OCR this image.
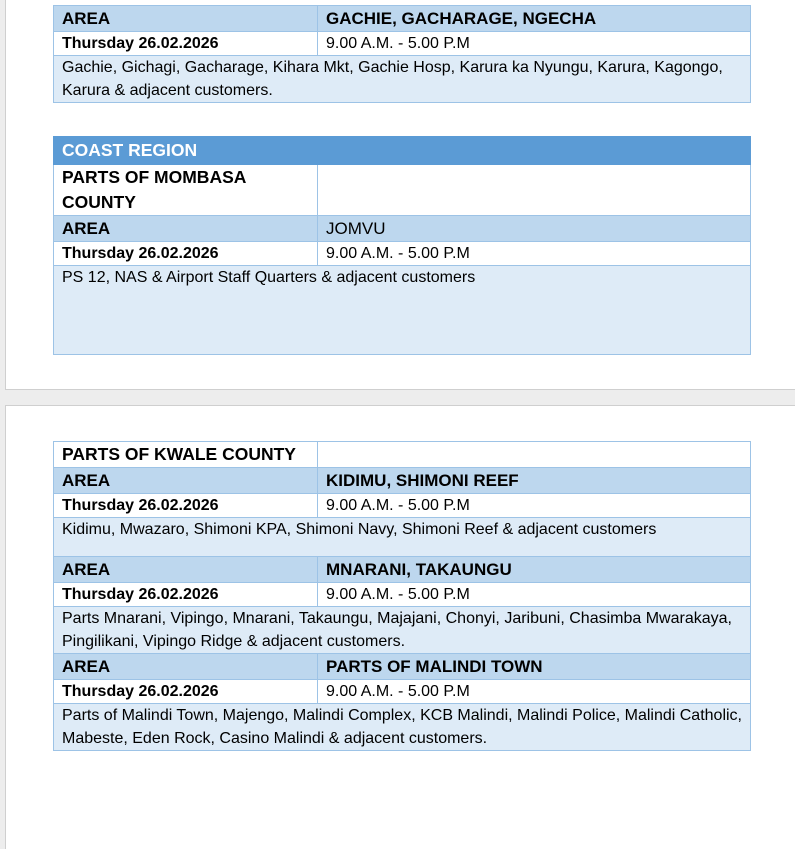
AREA	GACHIE, GACHARAGE, NGECHA
Thursday 26.02.2026	9.00 A.M. - 5.00 P.M
Gachie, Gichagi, Gacharage, Kihara Mkt, Gachie Hosp, Karura ka Nyungu, Karura, Kagongo, Karura & adjacent customers.	
COAST REGION	
PARTS OF MOMBASA COUNTY	
AREA	JOMVU
Thursday 26.02.2026	9.00 A.M. - 5.00 P.M
PS 12, NAS & Airport Staff Quarters & adjacent customers	
PARTS OF KWALE COUNTY	
AREA	KIDIMU, SHIMONI REEF
Thursday 26.02.2026	9.00 A.M. - 5.00 P.M
Kidimu, Mwazaro, Shimoni KPA, Shimoni Navy, Shimoni Reef & adjacent customers	
AREA	MNARANI, TAKAUNGU
Thursday 26.02.2026	9.00 A.M. - 5.00 P.M
Parts Mnarani, Vipingo, Mnarani, Takaungu, Majajani, Chonyi, Jaribuni, Chasimba Mwarakaya, Pingilikani, Vipingo Ridge & adjacent customers.	
AREA	PARTS OF MALINDI TOWN
Thursday 26.02.2026	9.00 A.M. - 5.00 P.M
Parts of Malindi Town, Majengo, Malindi Complex, KCB Malindi, Malindi Police, Malindi Catholic, Mabeste, Eden Rock, Casino Malindi & adjacent customers.	
